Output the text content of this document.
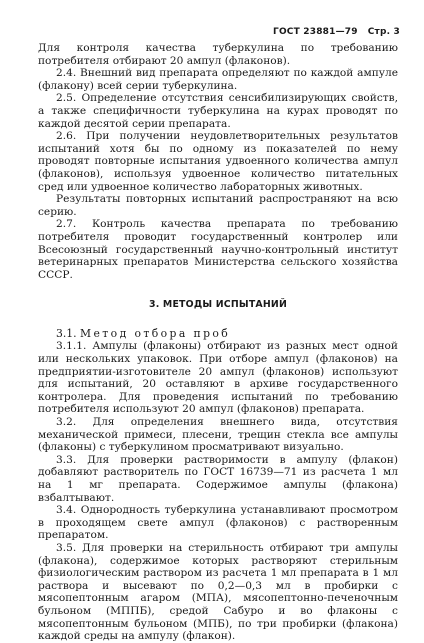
ГОСТ 23881—79 Стр. 3

Для контроля качества туберкулина по требованию потребителя отбирают 20 ампул (флаконов).

2.4. Внешний вид препарата определяют по каждой ампуле (флакону) всей серии туберкулина.

2.5. Определение отсутствия сенсибилизирующих свойств, а также специфичности туберкулина на курах проводят по каждой десятой серии препарата.

2.6. При получении неудовлетворительных результатов испытаний хотя бы по одному из показателей по нему проводят повторные испытания удвоенного количества ампул (флаконов), используя удвоенное количество питательных сред или удвоенное количество лабораторных животных.

Результаты повторных испытаний распространяют на всю серию.

2.7. Контроль качества препарата по требованию потребителя проводит государственный контролер или Всесоюзный государственный научно-контрольный институт ветеринарных препаратов Министерства сельского хозяйства СССР.

3. МЕТОДЫ ИСПЫТАНИЙ

3.1. Метод отбора проб

3.1.1. Ампулы (флаконы) отбирают из разных мест одной или нескольких упаковок. При отборе ампул (флаконов) на предприятии-изготовителе 20 ампул (флаконов) используют для испытаний, 20 оставляют в архиве государственного контролера. Для проведения испытаний по требованию потребителя используют 20 ампул (флаконов) препарата.

3.2. Для определения внешнего вида, отсутствия механической примеси, плесени, трещин стекла все ампулы (флаконы) с туберкулином просматривают визуально.

3.3. Для проверки растворимости в ампулу (флакон) добавляют растворитель по ГОСТ 16739—71 из расчета 1 мл на 1 мг препарата. Содержимое ампулы (флакона) взбалтывают.

3.4. Однородность туберкулина устанавливают просмотром в проходящем свете ампул (флаконов) с растворенным препаратом.

3.5. Для проверки на стерильность отбирают три ампулы (флакона), содержимое которых растворяют стерильным физиологическим раствором из расчета 1 мл препарата в 1 мл раствора и высевают по 0,2—0,3 мл в пробирки с мясопептонным агаром (МПА), мясопептонно-печеночным бульоном (МППБ), средой Сабуро и во флаконы с мясопептонным бульоном (МПБ), по три пробирки (флакона) каждой среды на ампулу (флакон).
